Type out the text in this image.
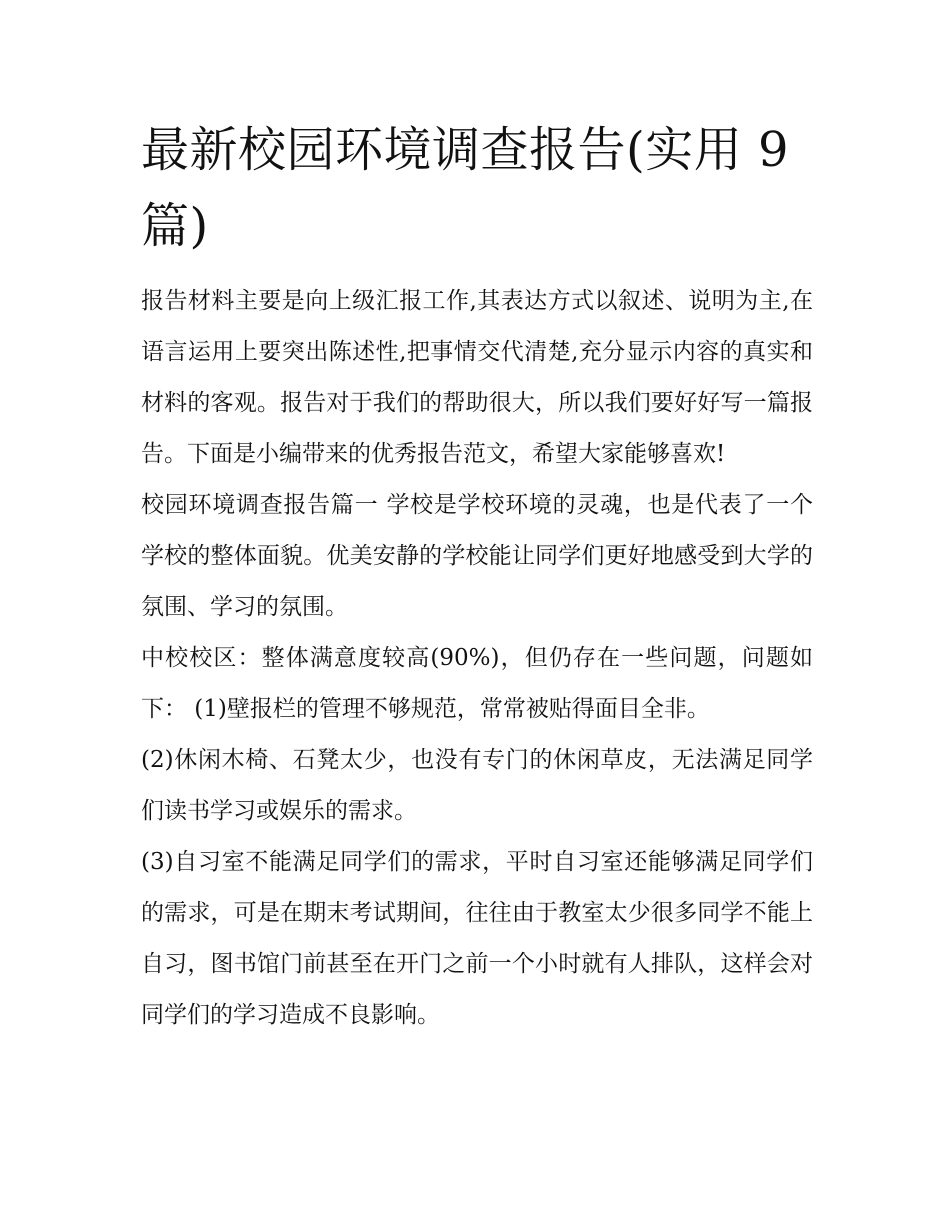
最新校园环境调查报告(实用 9 篇)

报告材料主要是向上级汇报工作,其表达方式以叙述、说明为主,在语言运用上要突出陈述性,把事情交代清楚,充分显示内容的真实和材料的客观。报告对于我们的帮助很大，所以我们要好好写一篇报告。下面是小编带来的优秀报告范文，希望大家能够喜欢!

校园环境调查报告篇一 学校是学校环境的灵魂，也是代表了一个学校的整体面貌。优美安静的学校能让同学们更好地感受到大学的氛围、学习的氛围。

中校校区：整体满意度较高(90%)，但仍存在一些问题，问题如下： (1)壁报栏的管理不够规范，常常被贴得面目全非。

(2)休闲木椅、石凳太少，也没有专门的休闲草皮，无法满足同学们读书学习或娱乐的需求。

(3)自习室不能满足同学们的需求，平时自习室还能够满足同学们的需求，可是在期末考试期间，往往由于教室太少很多同学不能上自习，图书馆门前甚至在开门之前一个小时就有人排队，这样会对同学们的学习造成不良影响。
